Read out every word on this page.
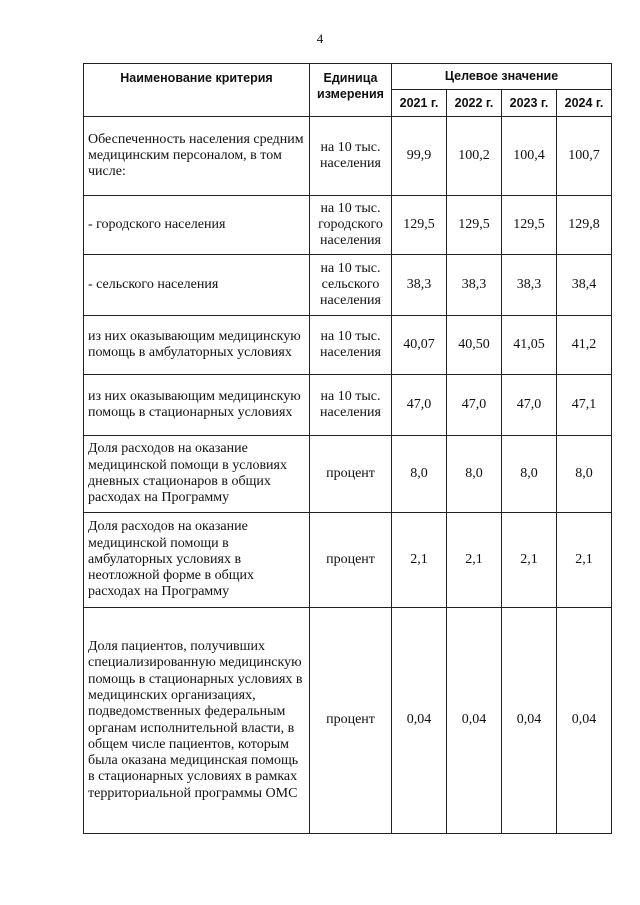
4
Наименование критерия	Единица измерения	Целевое значение			
		2021 г.	2022 г.	2023 г.	2024 г.
Обеспеченность населения средним медицинским персоналом, в том числе:	на 10 тыс. населения	99,9	100,2	100,4	100,7
- городского населения	на 10 тыс. городского населения	129,5	129,5	129,5	129,8
- сельского населения	на 10 тыс. сельского населения	38,3	38,3	38,3	38,4
из них оказывающим медицинскую помощь в амбулаторных условиях	на 10 тыс. населения	40,07	40,50	41,05	41,2
из них оказывающим медицинскую помощь в стационарных условиях	на 10 тыс. населения	47,0	47,0	47,0	47,1
Доля расходов на оказание медицинской помощи в условиях дневных стационаров в общих расходах на Программу	процент	8,0	8,0	8,0	8,0
Доля расходов на оказание медицинской помощи в амбулаторных условиях в неотложной форме в общих расходах на Программу	процент	2,1	2,1	2,1	2,1
Доля пациентов, получивших специализированную медицинскую помощь в стационарных условиях в медицинских организациях, подведомственных федеральным органам исполнительной власти, в общем числе пациентов, которым была оказана медицинская помощь в стационарных условиях в рамках территориальной программы ОМС	процент	0,04	0,04	0,04	0,04
